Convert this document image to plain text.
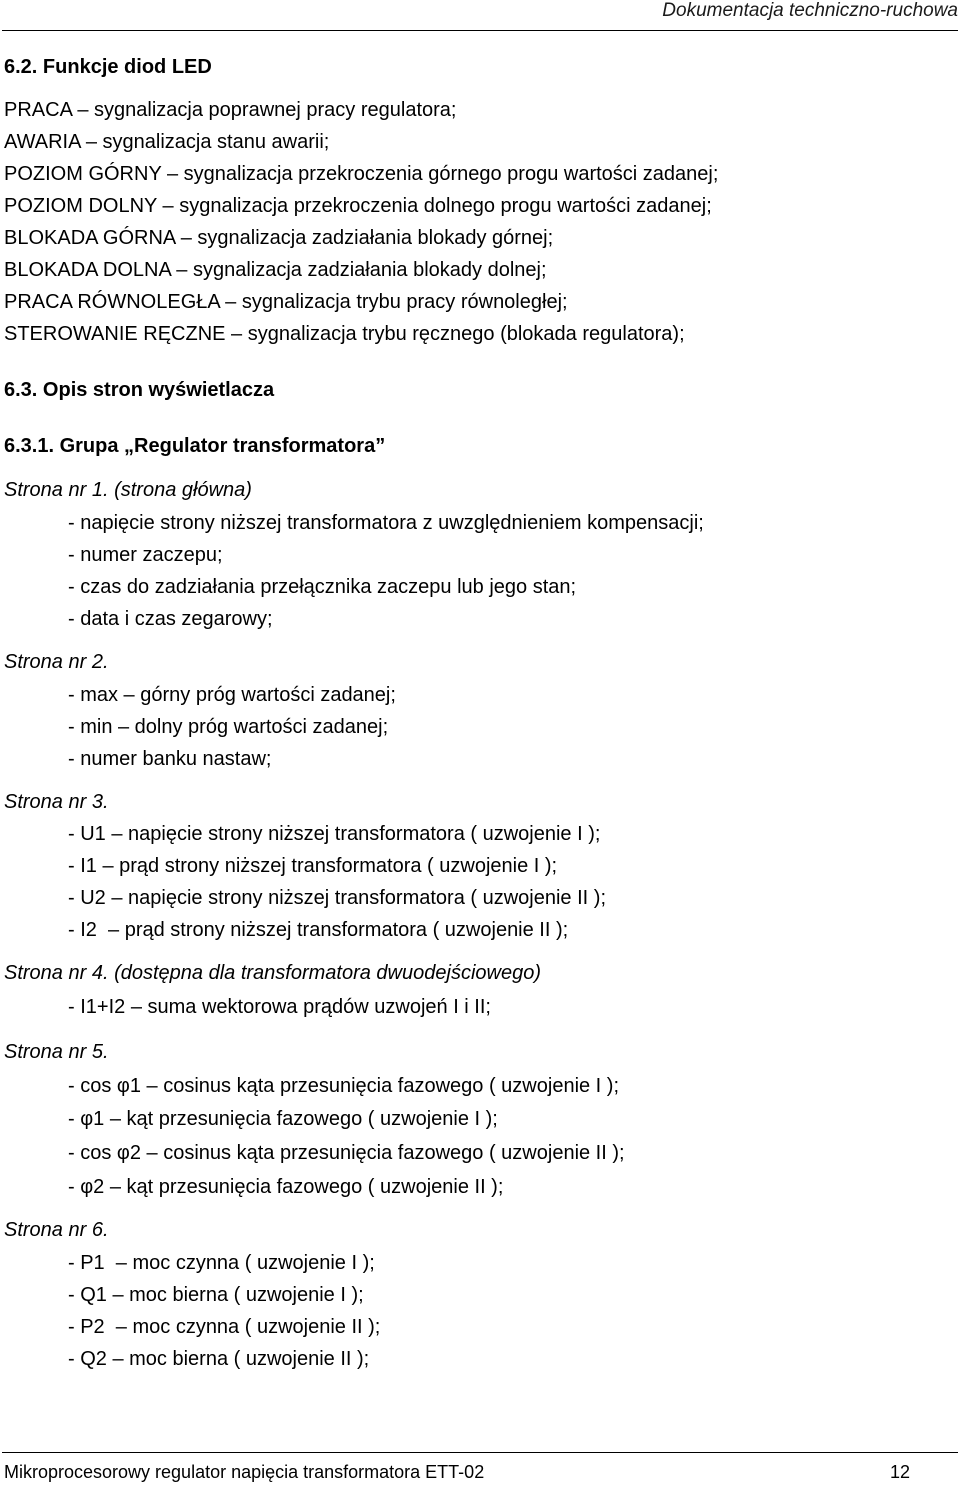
Dokumentacja techniczno-ruchowa
6.2. Funkcje diod LED
PRACA – sygnalizacja poprawnej pracy regulatora;
AWARIA – sygnalizacja stanu awarii;
POZIOM GÓRNY – sygnalizacja przekroczenia górnego progu wartości zadanej;
POZIOM DOLNY – sygnalizacja przekroczenia dolnego progu wartości zadanej;
BLOKADA GÓRNA – sygnalizacja zadziałania blokady górnej;
BLOKADA DOLNA – sygnalizacja zadziałania blokady dolnej;
PRACA RÓWNOLEGŁA – sygnalizacja trybu pracy równoległej;
STEROWANIE RĘCZNE – sygnalizacja trybu ręcznego (blokada regulatora);
6.3. Opis stron wyświetlacza
6.3.1. Grupa „Regulator transformatora”
Strona nr 1. (strona główna)
- napięcie strony niższej transformatora z uwzględnieniem kompensacji;
- numer zaczepu;
- czas do zadziałania przełącznika zaczepu lub jego stan;
- data i czas zegarowy;
Strona nr 2.
- max – górny próg wartości zadanej;
- min – dolny próg wartości zadanej;
- numer banku nastaw;
Strona nr 3.
- U1 – napięcie strony niższej transformatora ( uzwojenie I );
- I1 – prąd strony niższej transformatora ( uzwojenie I );
- U2 – napięcie strony niższej transformatora ( uzwojenie II );
- I2  – prąd strony niższej transformatora ( uzwojenie II );
Strona nr 4. (dostępna dla transformatora dwuodejściowego)
- I1+I2 – suma wektorowa prądów uzwojeń I i II;
Strona nr 5.
- cos φ1 – cosinus kąta przesunięcia fazowego ( uzwojenie I );
- φ1 – kąt przesunięcia fazowego ( uzwojenie I );
- cos φ2 – cosinus kąta przesunięcia fazowego ( uzwojenie II );
- φ2 – kąt przesunięcia fazowego ( uzwojenie II );
Strona nr 6.
- P1  – moc czynna ( uzwojenie I );
- Q1 – moc bierna ( uzwojenie I );
- P2  – moc czynna ( uzwojenie II );
- Q2 – moc bierna ( uzwojenie II );
Mikroprocesorowy regulator napięcia transformatora ETT-02	12
